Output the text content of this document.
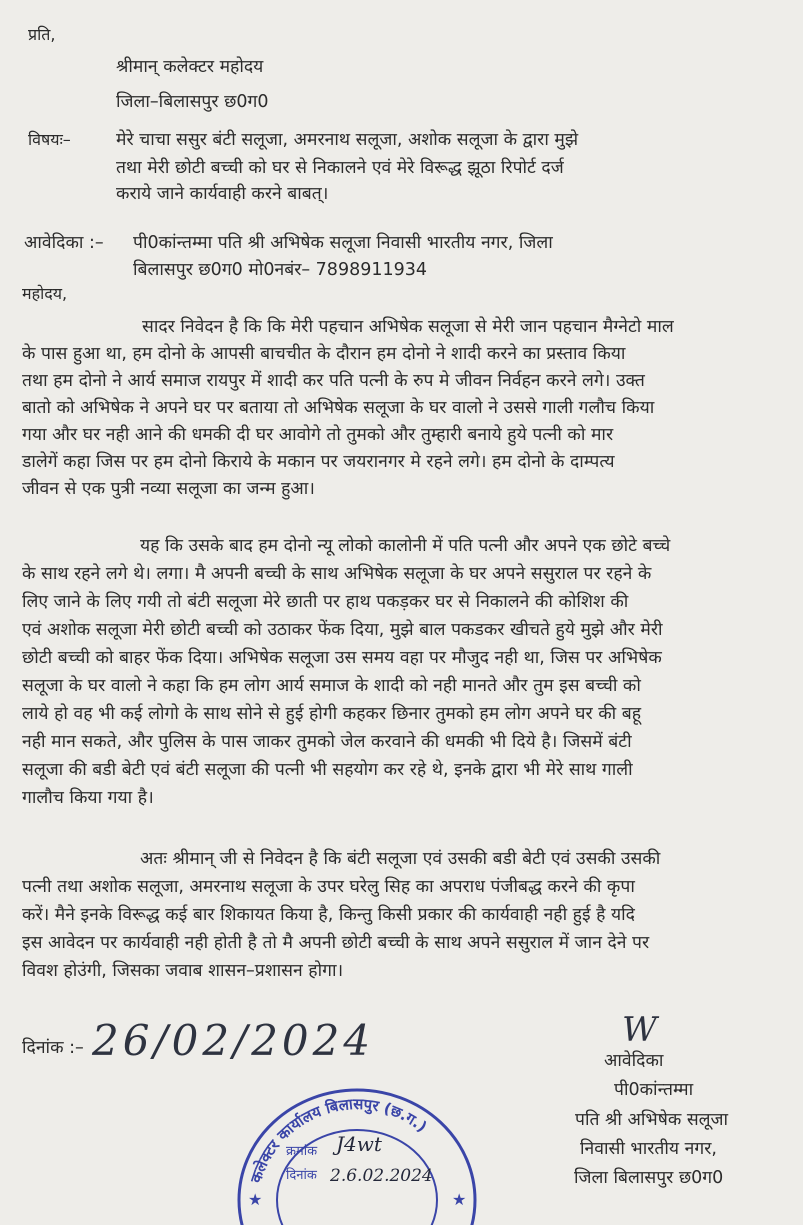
प्रति,
श्रीमान् कलेक्टर महोदय
जिला–बिलासपुर छ0ग0
विषयः–	मेरे चाचा ससुर बंटी सलूजा, अमरनाथ सलूजा, अशोक सलूजा के द्वारा मुझे
तथा मेरी छोटी बच्ची को घर से निकालने एवं मेरे विरूद्ध झूठा रिपोर्ट दर्ज
कराये जाने कार्यवाही करने बाबत्।
आवेदिका :– पी0कांन्तम्मा पति श्री अभिषेक सलूजा निवासी भारतीय नगर, जिला
बिलासपुर छ0ग0 मो0नबंर– 7898911934
महोदय,
सादर निवेदन है कि कि मेरी पहचान अभिषेक सलूजा से मेरी जान पहचान मैग्नेटो माल
के पास हुआ था, हम दोनो के आपसी बाचचीत के दौरान हम दोनो ने शादी करने का प्रस्ताव किया
तथा हम दोनो ने आर्य समाज रायपुर में शादी कर पति पत्नी के रुप मे जीवन निर्वहन करने लगे। उक्त
बातो को अभिषेक ने अपने घर पर बताया तो अभिषेक सलूजा के घर वालो ने उससे गाली गलौच किया
गया और घर नही आने की धमकी दी घर आवोगे तो तुमको और तुम्हारी बनाये हुये पत्नी को मार
डालेगें कहा जिस पर हम दोनो किराये के मकान पर जयरानगर मे रहने लगे। हम दोनो के दाम्पत्य
जीवन से एक पुत्री नव्या सलूजा का जन्म हुआ।
यह कि उसके बाद हम दोनो न्यू लोको कालोनी में पति पत्नी और अपने एक छोटे बच्चे
के साथ रहने लगे थे। लगा। मै अपनी बच्ची के साथ अभिषेक सलूजा के घर अपने ससुराल पर रहने के
लिए जाने के लिए गयी तो बंटी सलूजा मेरे छाती पर हाथ पकड़कर घर से निकालने की कोशिश की
एवं अशोक सलूजा मेरी छोटी बच्ची को उठाकर फेंक दिया, मुझे बाल पकडकर खीचते हुये मुझे और मेरी
छोटी बच्ची को बाहर फेंक दिया। अभिषेक सलूजा उस समय वहा पर मौजुद नही था, जिस पर अभिषेक
सलूजा के घर वालो ने कहा कि हम लोग आर्य समाज के शादी को नही मानते और तुम इस बच्ची को
लाये हो वह भी कई लोगो के साथ सोने से हुई होगी कहकर छिनार तुमको हम लोग अपने घर की बहू
नही मान सकते, और पुलिस के पास जाकर तुमको जेल करवाने की धमकी भी दिये है। जिसमें बंटी
सलूजा की बडी बेटी एवं बंटी सलूजा की पत्नी भी सहयोग कर रहे थे, इनके द्वारा भी मेरे साथ गाली
गालौच किया गया है।
अतः श्रीमान् जी से निवेदन है कि बंटी सलूजा एवं उसकी बडी बेटी एवं उसकी उसकी
पत्नी तथा अशोक सलूजा, अमरनाथ सलूजा के उपर घरेलु सिह का अपराध पंजीबद्ध करने की कृपा
करें। मैने इनके विरूद्ध कई बार शिकायत किया है, किन्तु किसी प्रकार की कार्यवाही नही हुई है यदि
इस आवेदन पर कार्यवाही नही होती है तो मै अपनी छोटी बच्ची के साथ अपने ससुराल में जान देने पर
विवश होउंगी, जिसका जवाब शासन–प्रशासन होगा।
दिनांक :– 26/02/2024	W
आवेदिका
पी0कांन्तम्मा
पति श्री अभिषेक सलूजा
निवासी भारतीय नगर,
जिला बिलासपुर छ0ग0
कलेक्टर कार्यालय बिलासपुर (छ.ग.)
क्रमांक J4wt
दिनांक 2.6.02.2024
★	★
